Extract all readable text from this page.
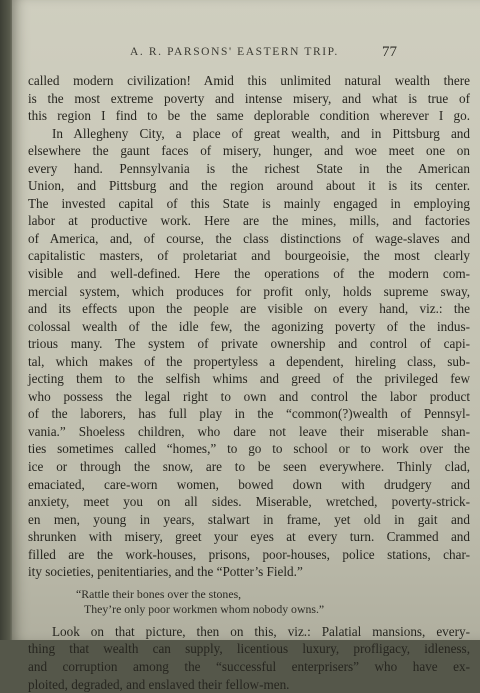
A. R. PARSONS' EASTERN TRIP.	77

called modern civilization! Amid this unlimited natural wealth there
is the most extreme poverty and intense misery, and what is true of
this region I find to be the same deplorable condition wherever I go.

In Allegheny City, a place of great wealth, and in Pittsburg and
elsewhere the gaunt faces of misery, hunger, and woe meet one on
every hand. Pennsylvania is the richest State in the American
Union, and Pittsburg and the region around about it is its center.
The invested capital of this State is mainly engaged in employing
labor at productive work. Here are the mines, mills, and factories
of America, and, of course, the class distinctions of wage-slaves and
capitalistic masters, of proletariat and bourgeoisie, the most clearly
visible and well-defined. Here the operations of the modern com-
mercial system, which produces for profit only, holds supreme sway,
and its effects upon the people are visible on every hand, viz.: the
colossal wealth of the idle few, the agonizing poverty of the indus-
trious many. The system of private ownership and control of capi-
tal, which makes of the propertyless a dependent, hireling class, sub-
jecting them to the selfish whims and greed of the privileged few
who possess the legal right to own and control the labor product
of the laborers, has full play in the “common(?)wealth of Pennsyl-
vania.” Shoeless children, who dare not leave their miserable shan-
ties sometimes called “homes,” to go to school or to work over the
ice or through the snow, are to be seen everywhere. Thinly clad,
emaciated, care-worn women, bowed down with drudgery and
anxiety, meet you on all sides. Miserable, wretched, poverty-strick-
en men, young in years, stalwart in frame, yet old in gait and
shrunken with misery, greet your eyes at every turn. Crammed and
filled are the work-houses, prisons, poor-houses, police stations, char-
ity societies, penitentiaries, and the “Potter’s Field.”

“Rattle their bones over the stones,
They’re only poor workmen whom nobody owns.”

Look on that picture, then on this, viz.: Palatial mansions, every-
thing that wealth can supply, licentious luxury, profligacy, idleness,
and corruption among the “successful enterprisers” who have ex-
ploited, degraded, and enslaved their fellow-men.
